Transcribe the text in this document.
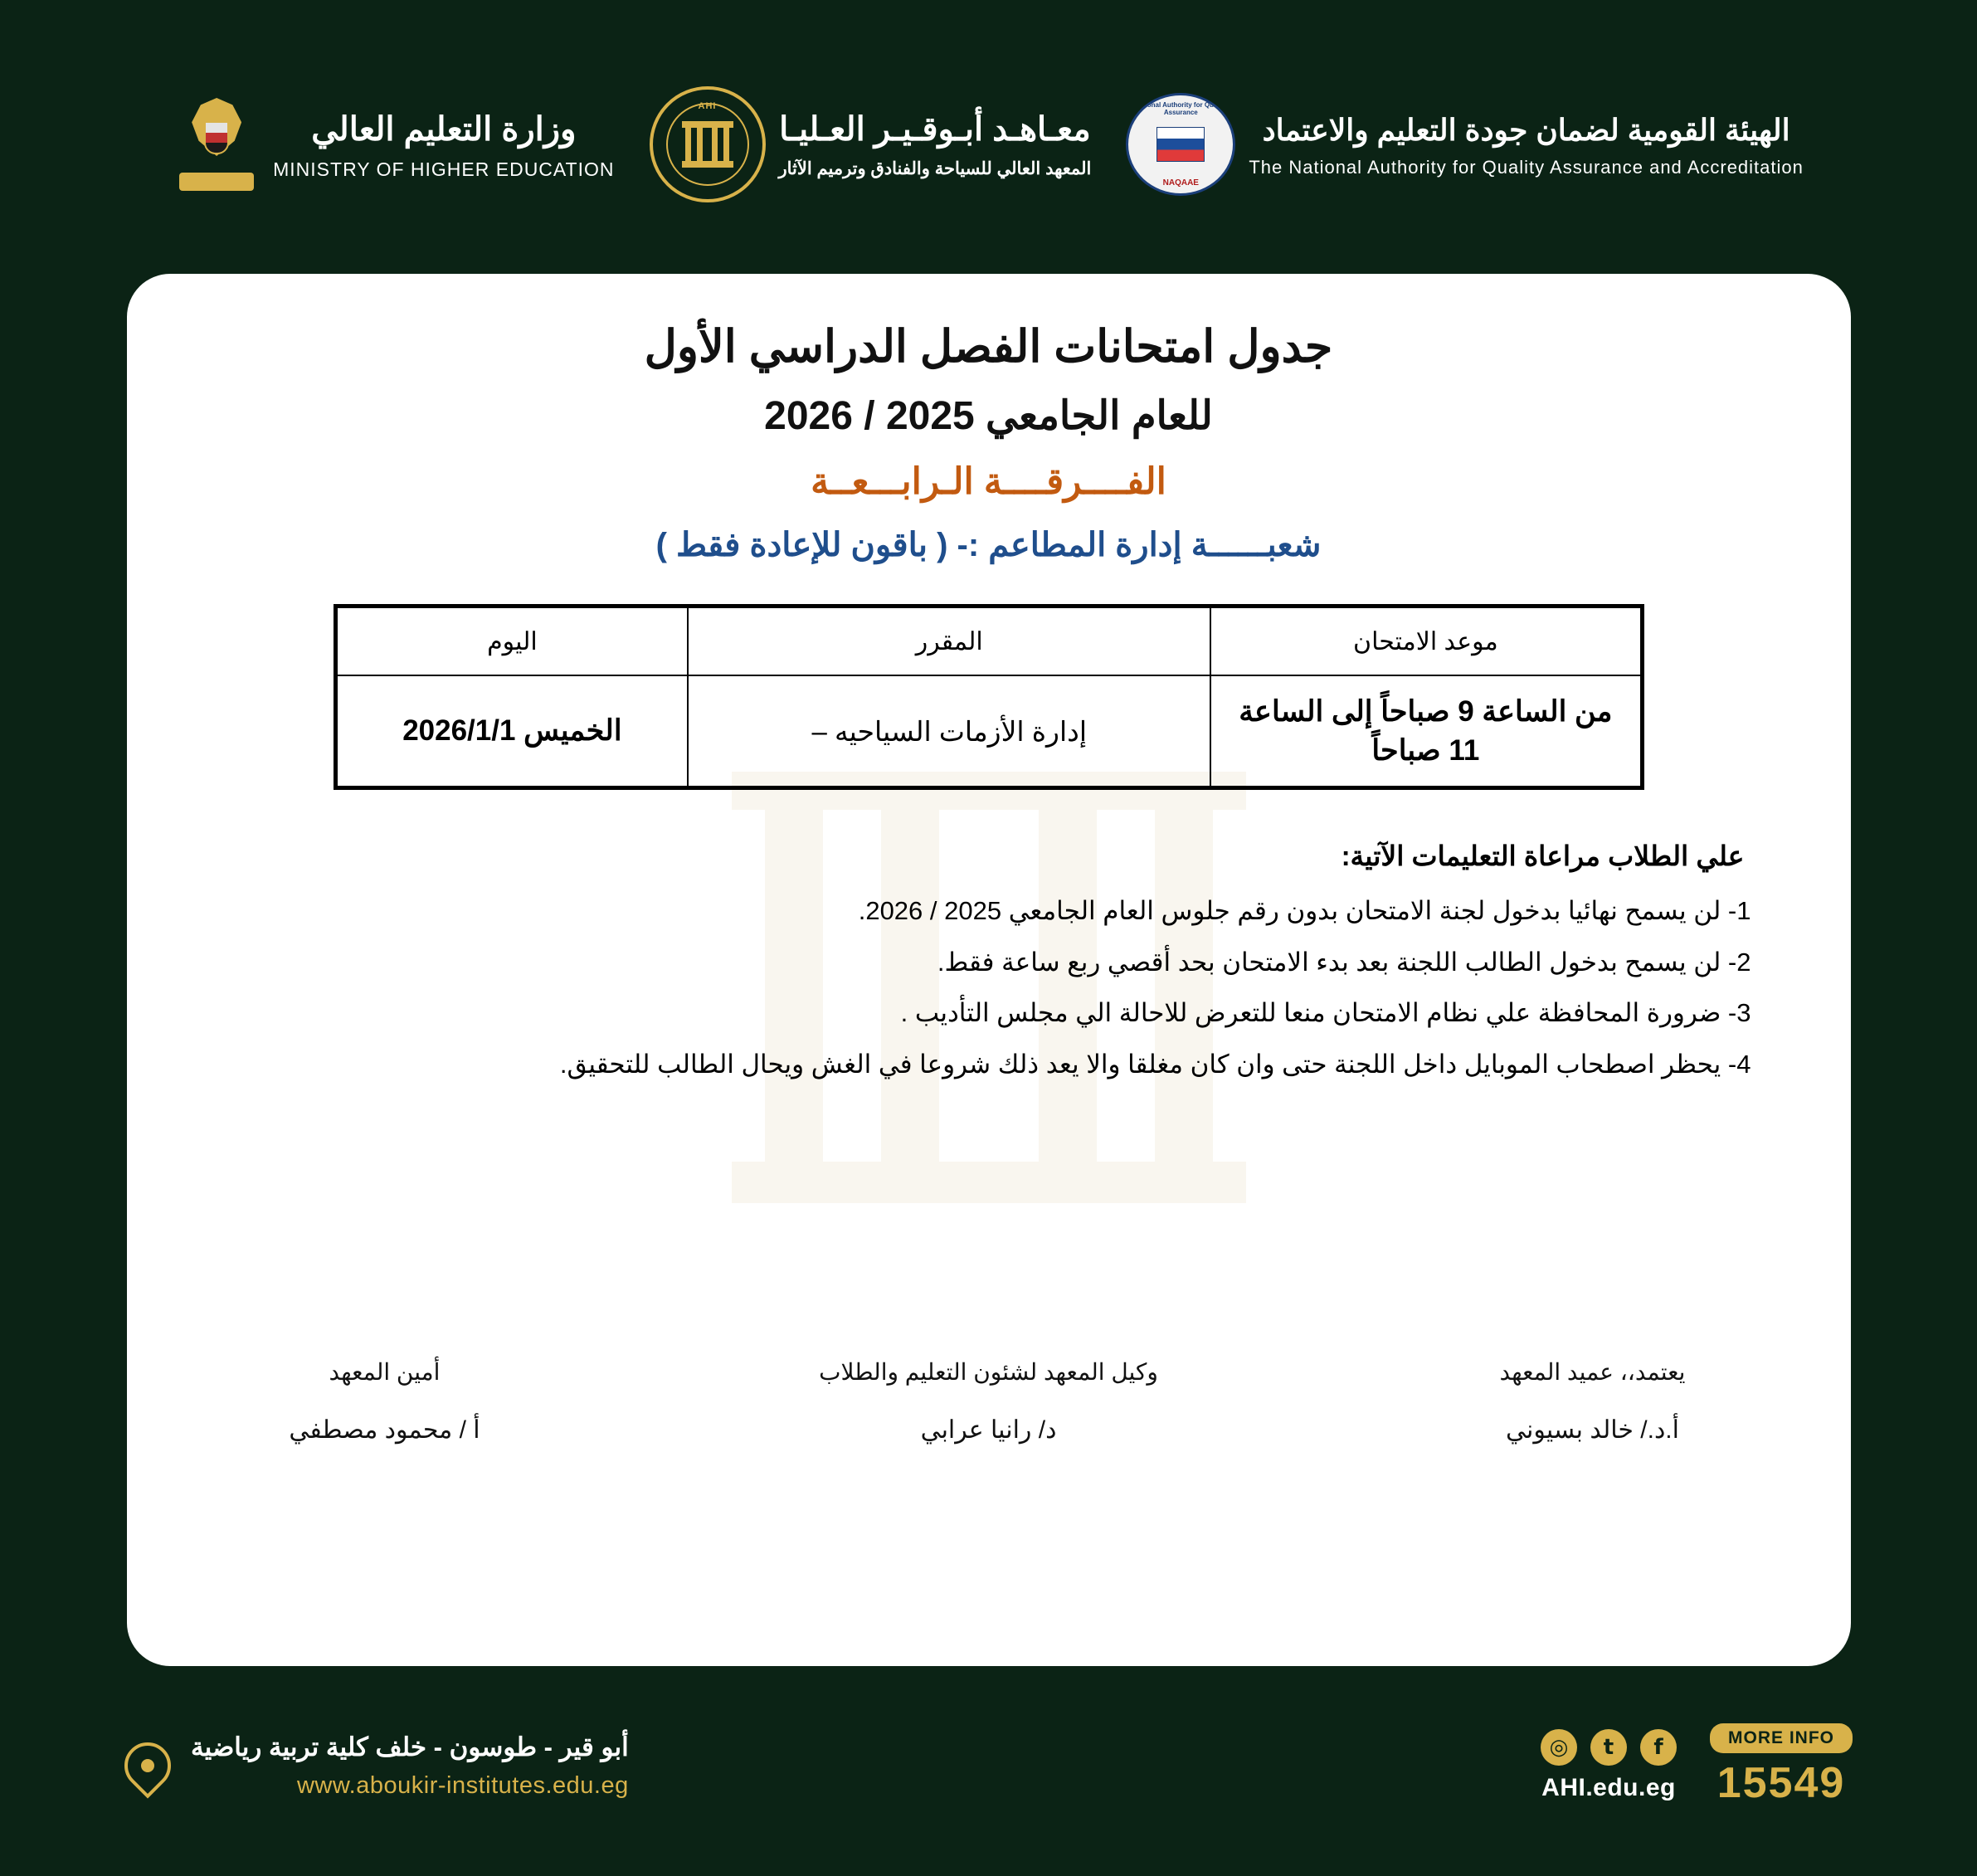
وزارة التعليم العالي
MINISTRY OF HIGHER EDUCATION
AHI
معـاهـد أبـوقـيـر العـليـا
المعهد العالي للسياحة والفنادق وترميم الآثار
National Authority for Quality Assurance
NAQAAE
الهيئة القومية لضمان جودة التعليم والاعتماد
The National Authority for Quality Assurance and Accreditation
جدول امتحانات الفصل الدراسي الأول
للعام الجامعي 2025 / 2026
الفــــرقــــة الـرابـــعــة
شعبــــــة إدارة المطاعم :- ( باقون للإعادة فقط )
موعد الامتحان	المقرر	اليوم
من الساعة 9 صباحاً إلى الساعة 11 صباحاً	إدارة الأزمات السياحيه –	الخميس 2026/1/1
علي الطلاب مراعاة التعليمات الآتية:
1- لن يسمح نهائيا بدخول لجنة الامتحان بدون رقم جلوس العام الجامعي 2025 / 2026.
2- لن يسمح بدخول الطالب اللجنة بعد بدء الامتحان بحد أقصي ربع ساعة فقط.
3- ضرورة المحافظة علي نظام الامتحان منعا للتعرض للاحالة الي مجلس التأديب .
4- يحظر اصطحاب الموبايل داخل اللجنة حتى وان كان مغلقا والا يعد ذلك شروعا في الغش ويحال الطالب للتحقيق.
أمين المعهد
أ / محمود مصطفي
وكيل المعهد لشئون التعليم والطلاب
د/ رانيا عرابي
يعتمد،، عميد المعهد
أ.د./ خالد بسيوني
أبو قير - طوسون - خلف كلية تربية رياضية
www.aboukir-institutes.edu.eg
f
t
◎
AHI.edu.eg
MORE INFO
15549
